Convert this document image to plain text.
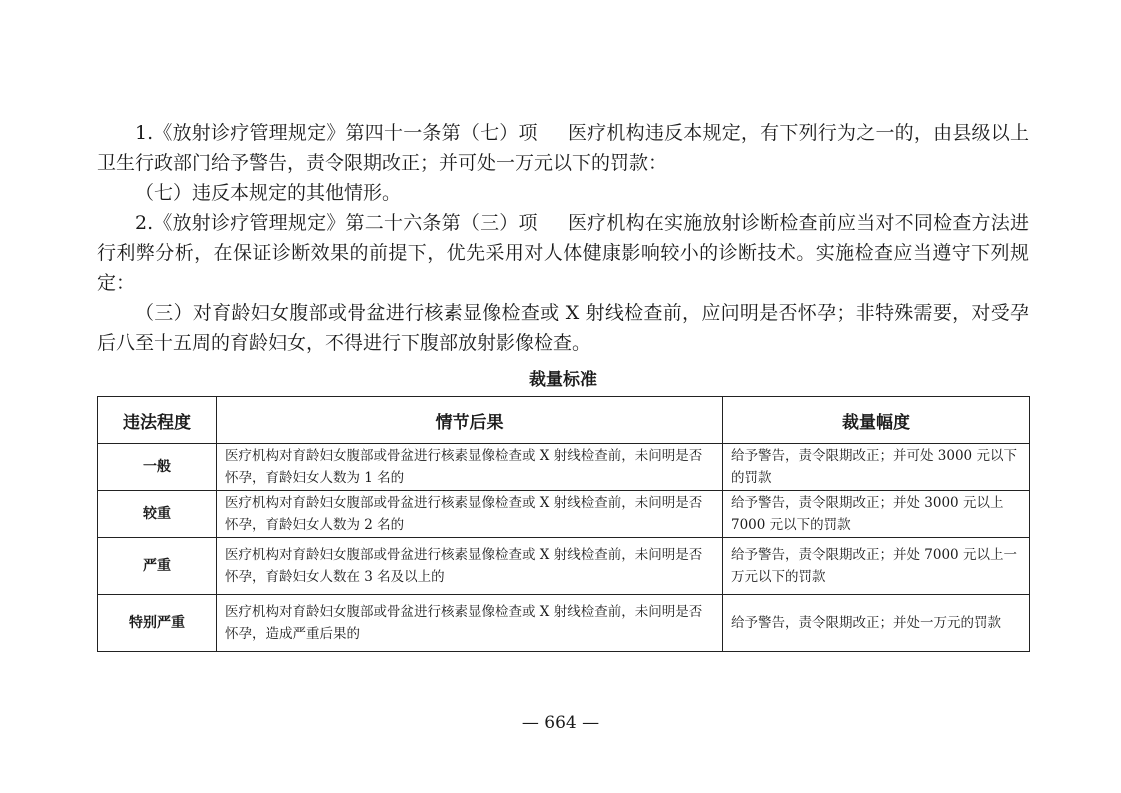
1.《放射诊疗管理规定》第四十一条第（七）项 医疗机构违反本规定，有下列行为之一的，由县级以上卫生行政部门给予警告，责令限期改正；并可处一万元以下的罚款：

（七）违反本规定的其他情形。

2.《放射诊疗管理规定》第二十六条第（三）项 医疗机构在实施放射诊断检查前应当对不同检查方法进行利弊分析，在保证诊断效果的前提下，优先采用对人体健康影响较小的诊断技术。实施检查应当遵守下列规定：

（三）对育龄妇女腹部或骨盆进行核素显像检查或 X 射线检查前，应问明是否怀孕；非特殊需要，对受孕后八至十五周的育龄妇女，不得进行下腹部放射影像检查。

裁量标准
违法程度	情节后果	裁量幅度
一般	医疗机构对育龄妇女腹部或骨盆进行核素显像检查或 X 射线检查前，未问明是否怀孕，育龄妇女人数为 1 名的	给予警告，责令限期改正；并可处 3000 元以下的罚款
较重	医疗机构对育龄妇女腹部或骨盆进行核素显像检查或 X 射线检查前，未问明是否怀孕，育龄妇女人数为 2 名的	给予警告，责令限期改正；并处 3000 元以上 7000 元以下的罚款
严重	医疗机构对育龄妇女腹部或骨盆进行核素显像检查或 X 射线检查前，未问明是否怀孕，育龄妇女人数在 3 名及以上的	给予警告，责令限期改正；并处 7000 元以上一万元以下的罚款
特别严重	医疗机构对育龄妇女腹部或骨盆进行核素显像检查或 X 射线检查前，未问明是否怀孕，造成严重后果的	给予警告，责令限期改正；并处一万元的罚款
— 664 —
